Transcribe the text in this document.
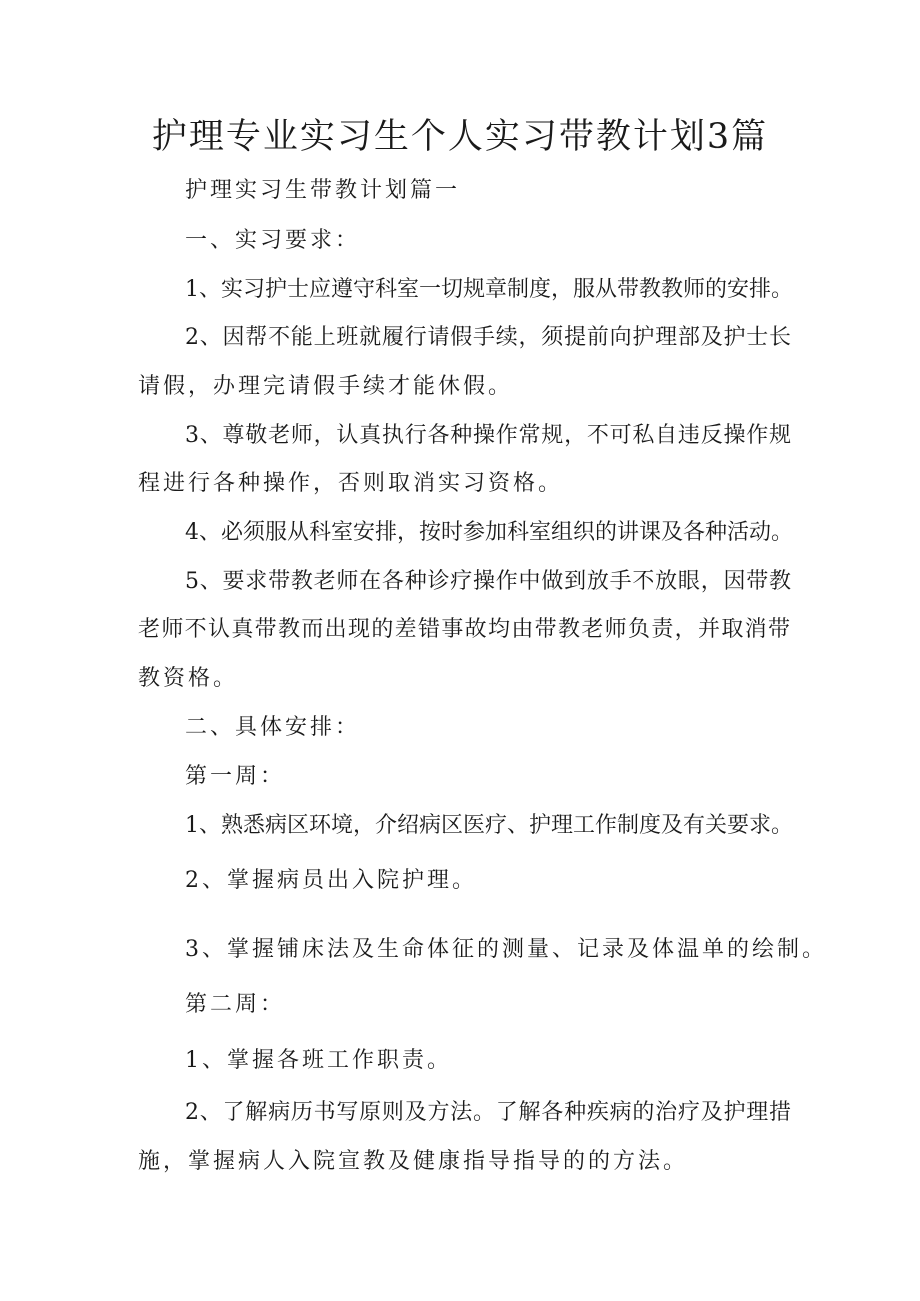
护理专业实习生个人实习带教计划3篇
护理实习生带教计划篇一
一、实习要求：
1、实习护士应遵守科室一切规章制度，服从带教教师的安排。
2、因帮不能上班就履行请假手续，须提前向护理部及护士长
请假，办理完请假手续才能休假。
3、尊敬老师，认真执行各种操作常规，不可私自违反操作规
程进行各种操作，否则取消实习资格。
4、必须服从科室安排，按时参加科室组织的讲课及各种活动。
5、要求带教老师在各种诊疗操作中做到放手不放眼，因带教
老师不认真带教而出现的差错事故均由带教老师负责，并取消带
教资格。
二、具体安排：
第一周：
1、熟悉病区环境，介绍病区医疗、护理工作制度及有关要求。
2、掌握病员出入院护理。
3、掌握铺床法及生命体征的测量、记录及体温单的绘制。
第二周：
1、掌握各班工作职责。
2、了解病历书写原则及方法。了解各种疾病的治疗及护理措
施，掌握病人入院宣教及健康指导指导的的方法。
